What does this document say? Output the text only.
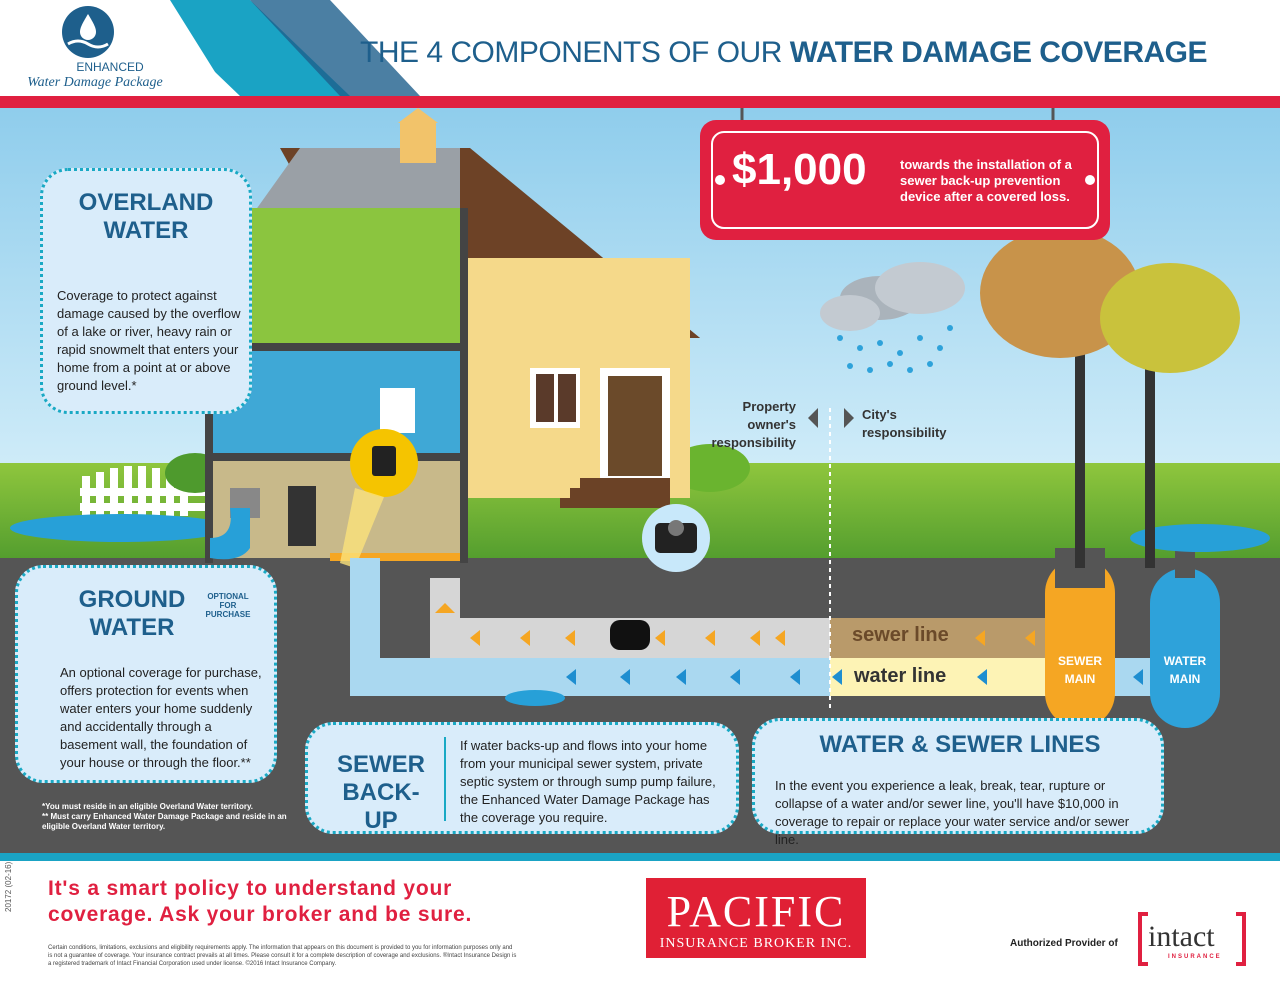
ENHANCED
Water Damage Package
THE 4 COMPONENTS OF OUR WATER DAMAGE COVERAGE
$1,000	towards the installation of a sewer back-up prevention device after a covered loss.
Property owner's responsibility
City's responsibility
sewer line
water line
SEWER MAIN
WATER MAIN
OVERLAND WATER
Coverage to protect against damage caused by the overflow of a lake or river, heavy rain or rapid snowmelt that enters your home from a point at or above ground level.*
GROUND WATER
An optional coverage for purchase, offers protection for events when water enters your home suddenly and accidentally through a basement wall, the foundation of your house or through the floor.**
OPTIONAL FOR PURCHASE
*You must reside in an eligible Overland Water territory.
** Must carry Enhanced Water Damage Package and reside in an eligible Overland Water territory.
SEWER BACK-UP
If water backs-up and flows into your home from your municipal sewer system, private septic system or through sump pump failure, the Enhanced Water Damage Package has the coverage you require.
WATER & SEWER LINES
In the event you experience a leak, break, tear, rupture or collapse of a water and/or sewer line, you'll have $10,000 in coverage to repair or replace your water service and/or sewer line.
It's a smart policy to understand your
coverage. Ask your broker and be sure.
Certain conditions, limitations, exclusions and eligibility requirements apply. The information that appears on this document is provided to you for information purposes only and is not a guarantee of coverage. Your insurance contract prevails at all times. Please consult it for a complete description of coverage and exclusions. ®Intact Insurance Design is a registered trademark of Intact Financial Corporation used under license. ©2016 Intact Insurance Company.
20172 (02-16)	PACIFIC
INSURANCE BROKER INC.	Authorized Provider of intact
INSURANCE
